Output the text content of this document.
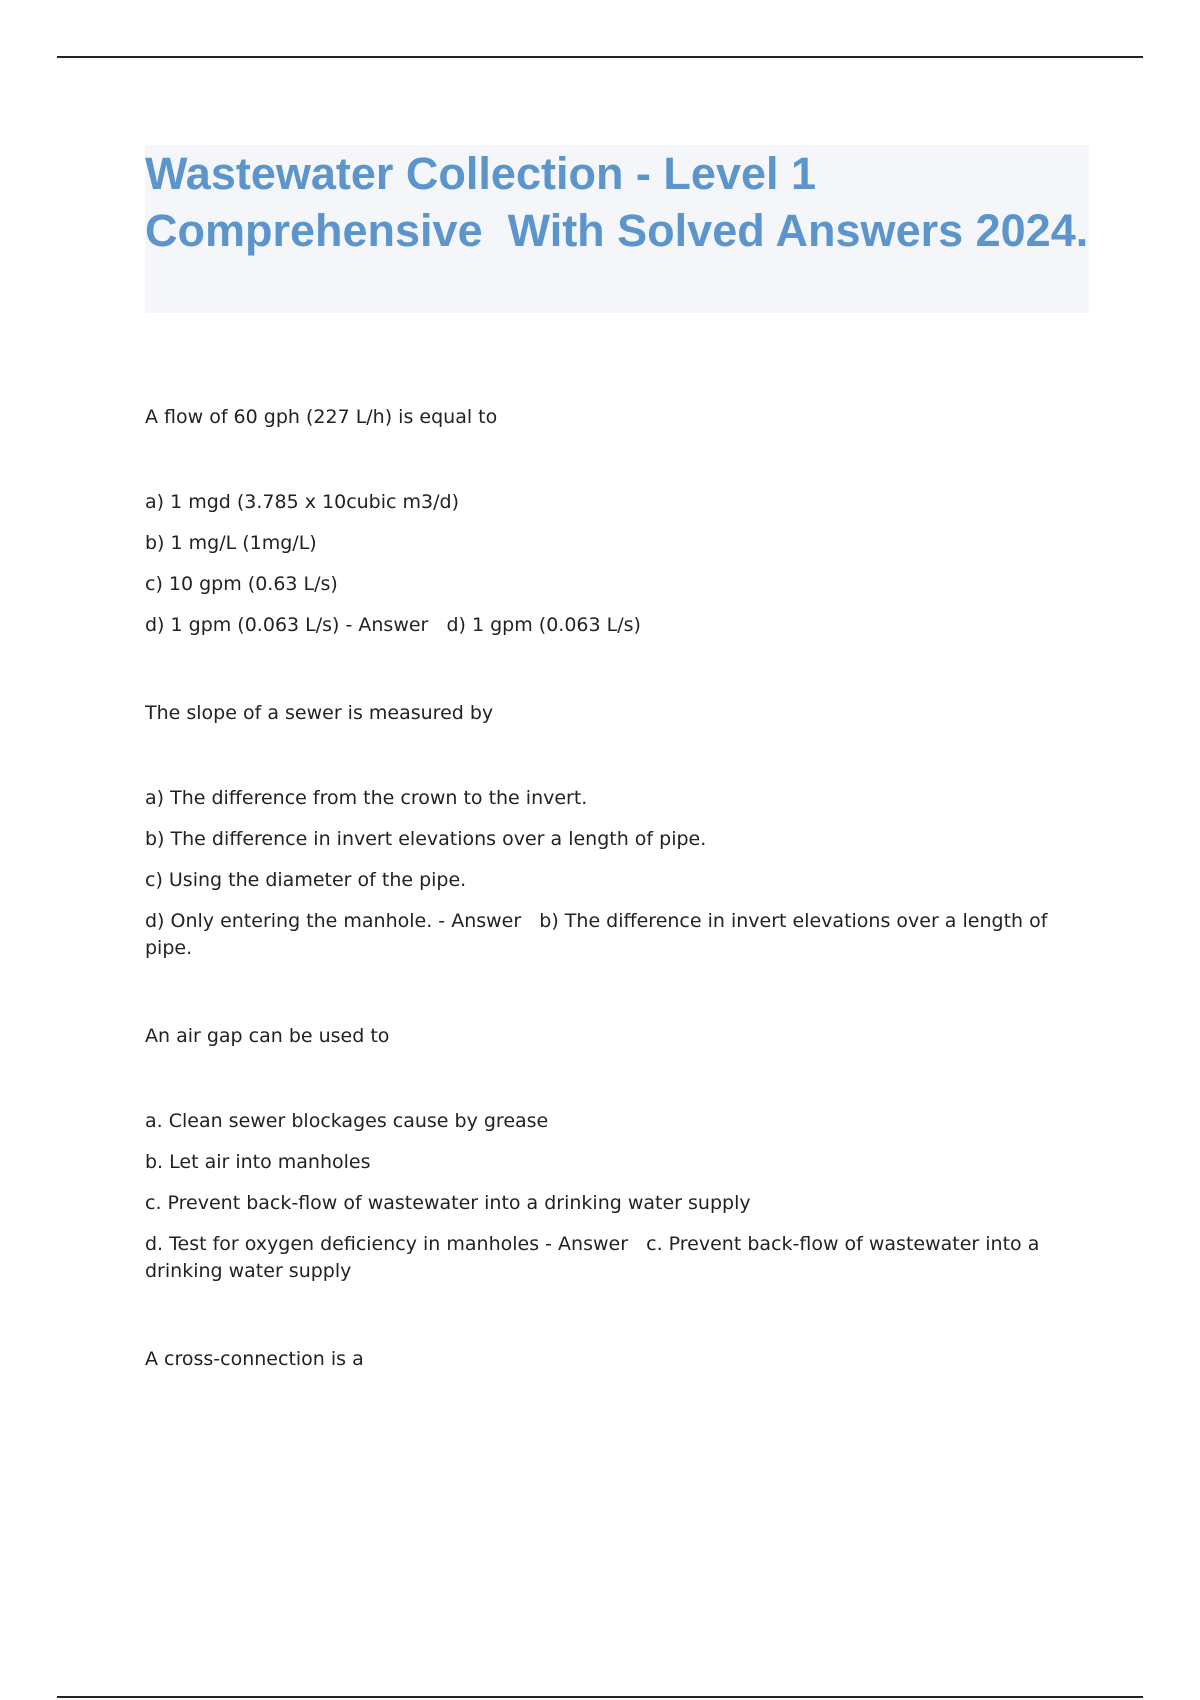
Wastewater Collection - Level 1 Comprehensive  With Solved Answers 2024.

A flow of 60 gph (227 L/h) is equal to

a) 1 mgd (3.785 x 10cubic m3/d)

b) 1 mg/L (1mg/L)

c) 10 gpm (0.63 L/s)

d) 1 gpm (0.063 L/s) - Answer   d) 1 gpm (0.063 L/s)

The slope of a sewer is measured by

a) The difference from the crown to the invert.

b) The difference in invert elevations over a length of pipe.

c) Using the diameter of the pipe.

d) Only entering the manhole. - Answer   b) The difference in invert elevations over a length of pipe.

An air gap can be used to

a. Clean sewer blockages cause by grease

b. Let air into manholes

c. Prevent back-flow of wastewater into a drinking water supply

d. Test for oxygen deficiency in manholes - Answer   c. Prevent back-flow of wastewater into a drinking water supply

A cross-connection is a
